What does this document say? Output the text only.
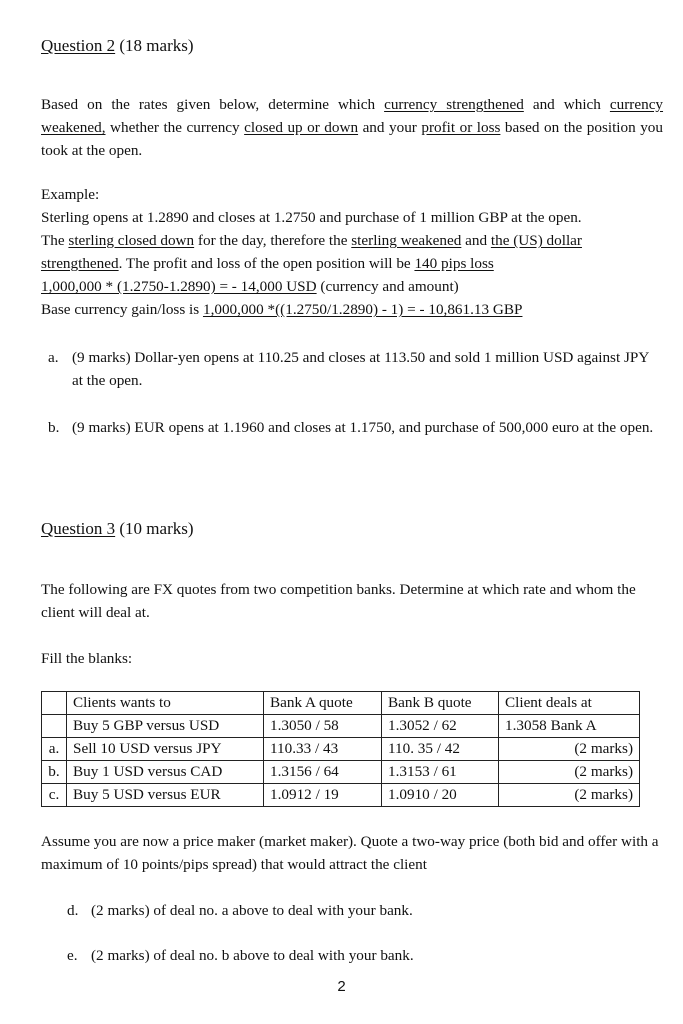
Question 2 (18 marks)
Based on the rates given below, determine which currency strengthened and which currency weakened, whether the currency closed up or down and your profit or loss based on the position you took at the open.
Example:
Sterling opens at 1.2890 and closes at 1.2750 and purchase of 1 million GBP at the open.
The sterling closed down for the day, therefore the sterling weakened and the (US) dollar
strengthened. The profit and loss of the open position will be 140 pips loss
1,000,000 * (1.2750-1.2890) = - 14,000 USD (currency and amount)
Base currency gain/loss is 1,000,000 *((1.2750/1.2890) - 1) = - 10,861.13 GBP
a. (9 marks) Dollar-yen opens at 110.25 and closes at 113.50 and sold 1 million USD against JPY at the open.
b. (9 marks) EUR opens at 1.1960 and closes at 1.1750, and purchase of 500,000 euro at the open.
Question 3 (10 marks)
The following are FX quotes from two competition banks. Determine at which rate and whom the client will deal at.
Fill the blanks:
	Clients wants to	Bank A quote	Bank B quote	Client deals at
	Buy 5 GBP versus USD	1.3050 / 58	1.3052 / 62	1.3058 Bank A
a.	Sell 10 USD versus JPY	110.33 / 43	110. 35 / 42	(2 marks)
b.	Buy 1 USD versus CAD	1.3156 / 64	1.3153 / 61	(2 marks)
c.	Buy 5 USD versus EUR	1.0912 / 19	1.0910 / 20	(2 marks)
Assume you are now a price maker (market maker). Quote a two-way price (both bid and offer with a maximum of 10 points/pips spread) that would attract the client
d. (2 marks) of deal no. a above to deal with your bank.
e. (2 marks) of deal no. b above to deal with your bank.
2
